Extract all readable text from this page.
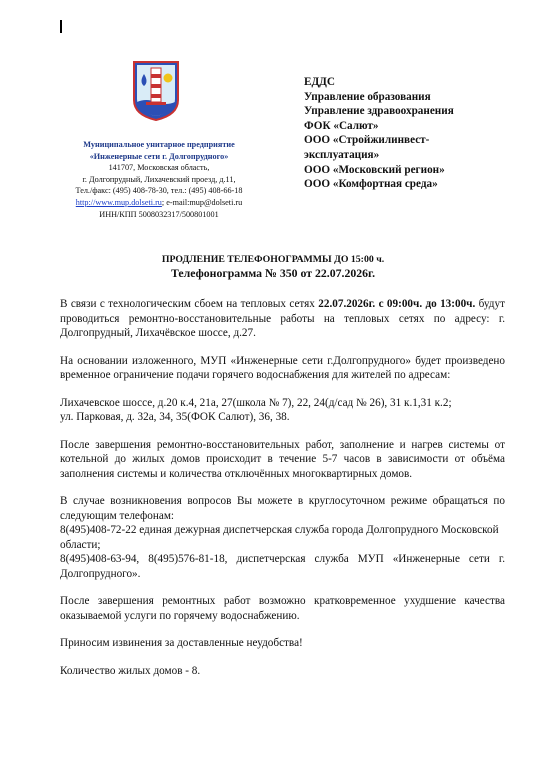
Муниципальное унитарное предприятие
«Инженерные сети г. Долгопрудного»
141707, Московская область,
г. Долгопрудный, Лихачевский проезд, д.11,
Тел./факс: (495) 408-78-30, тел.: (495) 408-66-18
http://www.mup.dolseti.ru; e-mail:mup@dolseti.ru
ИНН/КПП 5008032317/500801001
ЕДДС
Управление образования
Управление здравоохранения
ФОК «Салют»
ООО «Стройжилинвест-
эксплуатация»
ООО «Московский регион»
ООО «Комфортная среда»
ПРОДЛЕНИЕ ТЕЛЕФОНОГРАММЫ ДО 15:00 ч.
Телефонограмма № 350 от 22.07.2026г.

В связи с технологическим сбоем на тепловых сетях 22.07.2026г. с 09:00ч. до 13:00ч. будут проводиться ремонтно-восстановительные работы на тепловых сетях по адресу: г. Долгопрудный, Лихачёвское шоссе, д.27.

На основании изложенного, МУП «Инженерные сети г.Долгопрудного» будет произведено временное ограничение подачи горячего водоснабжения для жителей по адресам:

Лихачевское шоссе, д.20 к.4, 21а, 27(школа № 7), 22, 24(д/сад № 26), 31 к.1,31 к.2;

ул. Парковая, д. 32а, 34, 35(ФОК Салют), 36, 38.

После завершения ремонтно-восстановительных работ, заполнение и нагрев системы от котельной до жилых домов происходит в течение 5-7 часов в зависимости от объёма заполнения системы и количества отключённых многоквартирных домов.

В случае возникновения вопросов Вы можете в круглосуточном режиме обращаться по следующим телефонам:

8(495)408-72-22 единая дежурная диспетчерская служба города Долгопрудного Московской области;

8(495)408-63-94, 8(495)576-81-18, диспетчерская служба МУП «Инженерные сети г. Долгопрудного».

После завершения ремонтных работ возможно кратковременное ухудшение качества оказываемой услуги по горячему водоснабжению.

Приносим извинения за доставленные неудобства!

Количество жилых домов - 8.
